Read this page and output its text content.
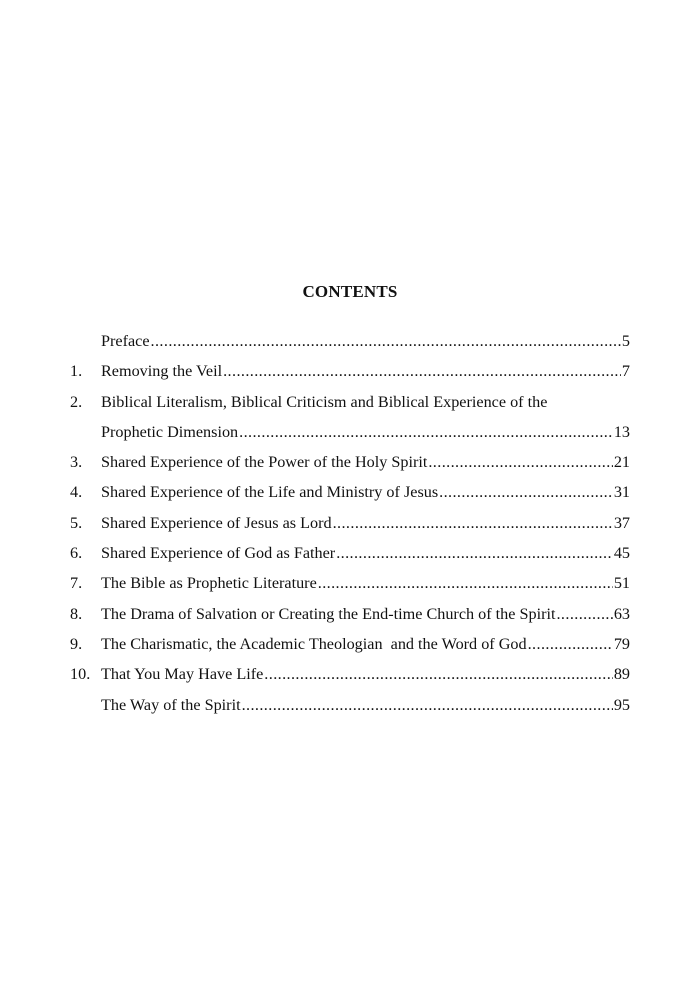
CONTENTS
Preface .....	5
1.	Removing the Veil .....	7
2.	Biblical Literalism, Biblical Criticism and Biblical Experience of the
Prophetic Dimension .....	13
3.	Shared Experience of the Power of the Holy Spirit .....	21
4.	Shared Experience of the Life and Ministry of Jesus .....	31
5.	Shared Experience of Jesus as Lord .....	37
6.	Shared Experience of God as Father .....	45
7.	The Bible as Prophetic Literature .....	51
8.	The Drama of Salvation or Creating the End-time Church of the Spirit .....	63
9.	The Charismatic, the Academic Theologian  and the Word of God .....	79
10. That You May Have Life .....	89
The Way of the Spirit .....	95
